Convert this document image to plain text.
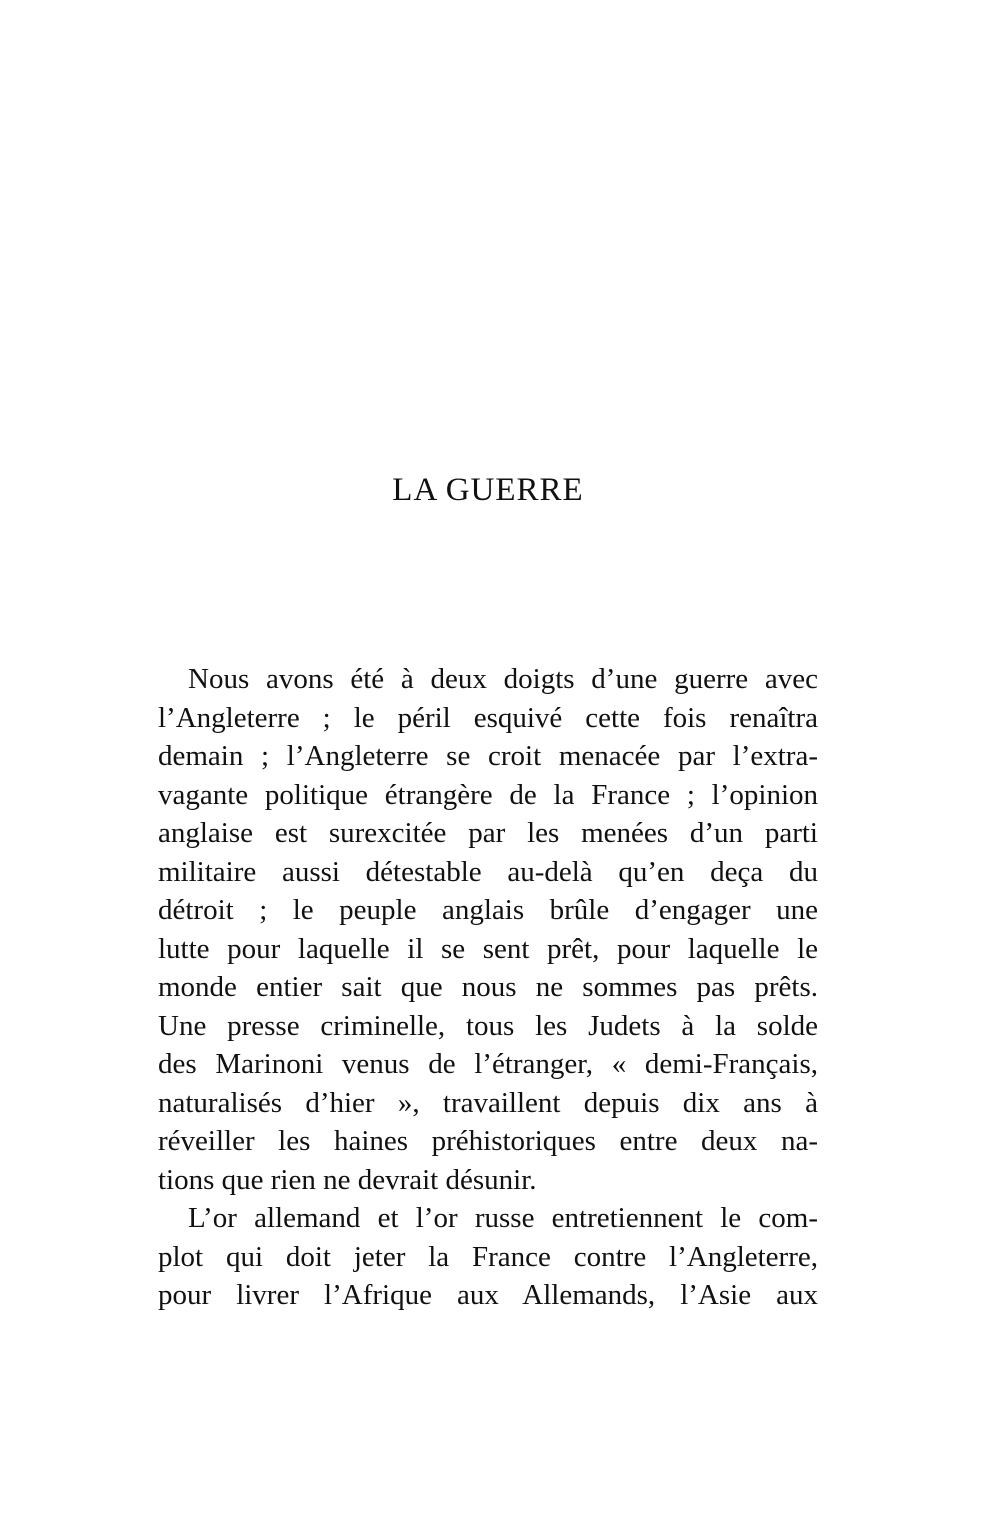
LA GUERRE
Nous avons été à deux doigts d’une guerre avec
l’Angleterre ; le péril esquivé cette fois renaîtra
demain ; l’Angleterre se croit menacée par l’extra-
vagante politique étrangère de la France ; l’opinion
anglaise est surexcitée par les menées d’un parti
militaire aussi détestable au-delà qu’en deça du
détroit ; le peuple anglais brûle d’engager une
lutte pour laquelle il se sent prêt, pour laquelle le
monde entier sait que nous ne sommes pas prêts.
Une presse criminelle, tous les Judets à la solde
des Marinoni venus de l’étranger, « demi-Français,
naturalisés d’hier », travaillent depuis dix ans à
réveiller les haines préhistoriques entre deux na-
tions que rien ne devrait désunir.
L’or allemand et l’or russe entretiennent le com-
plot qui doit jeter la France contre l’Angleterre,
pour livrer l’Afrique aux Allemands, l’Asie aux
